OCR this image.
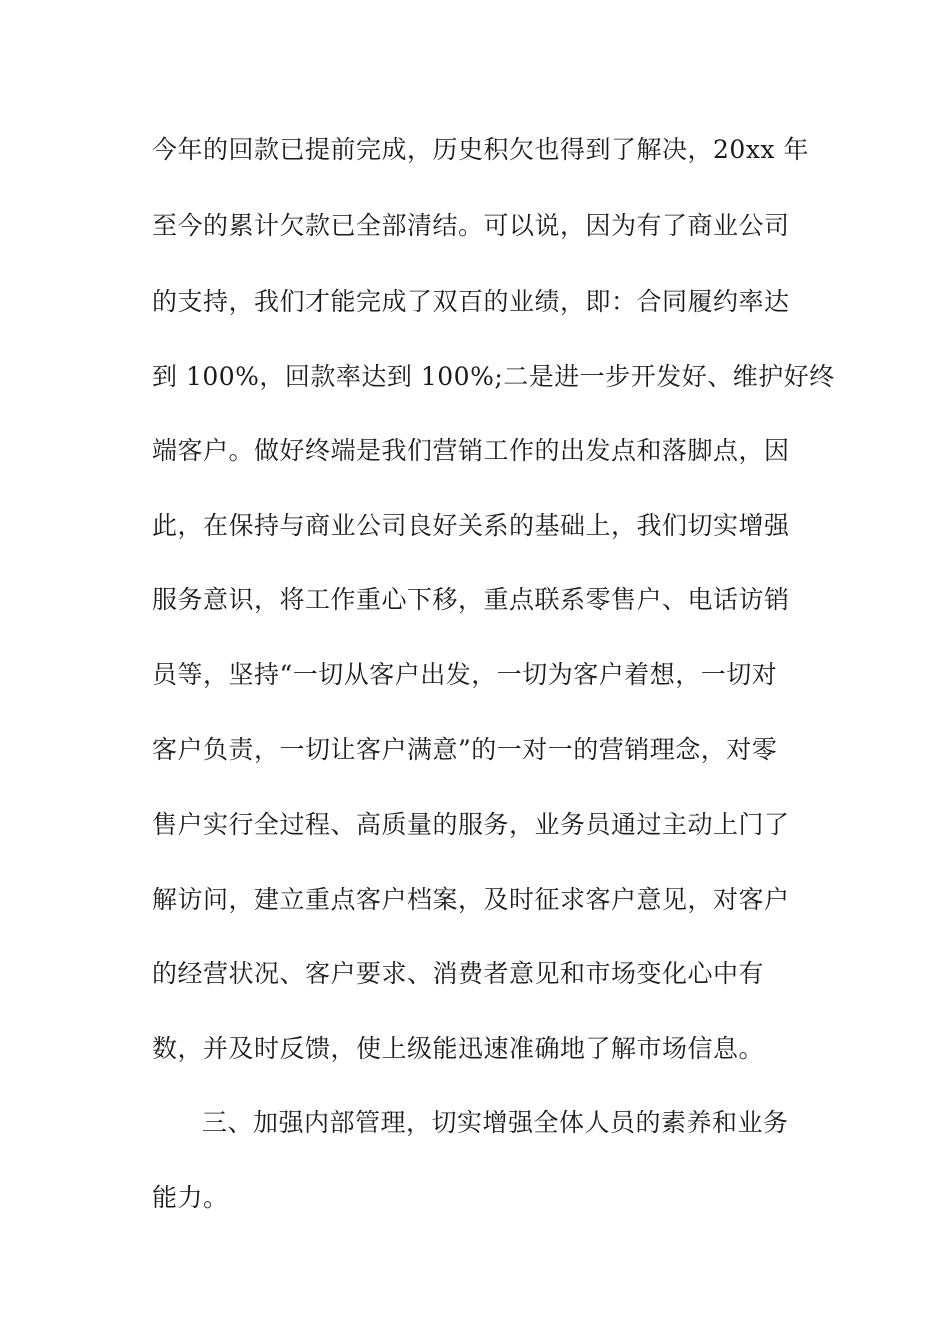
今年的回款已提前完成，历史积欠也得到了解决，20xx 年
至今的累计欠款已全部清结。可以说，因为有了商业公司
的支持，我们才能完成了双百的业绩，即：合同履约率达
到 100%，回款率达到 100%;二是进一步开发好、维护好终
端客户。做好终端是我们营销工作的出发点和落脚点，因
此，在保持与商业公司良好关系的基础上，我们切实增强
服务意识，将工作重心下移，重点联系零售户、电话访销
员等，坚持“一切从客户出发，一切为客户着想，一切对
客户负责，一切让客户满意”的一对一的营销理念，对零
售户实行全过程、高质量的服务，业务员通过主动上门了
解访问，建立重点客户档案，及时征求客户意见，对客户
的经营状况、客户要求、消费者意见和市场变化心中有
数，并及时反馈，使上级能迅速准确地了解市场信息。
三、加强内部管理，切实增强全体人员的素养和业务
能力。
